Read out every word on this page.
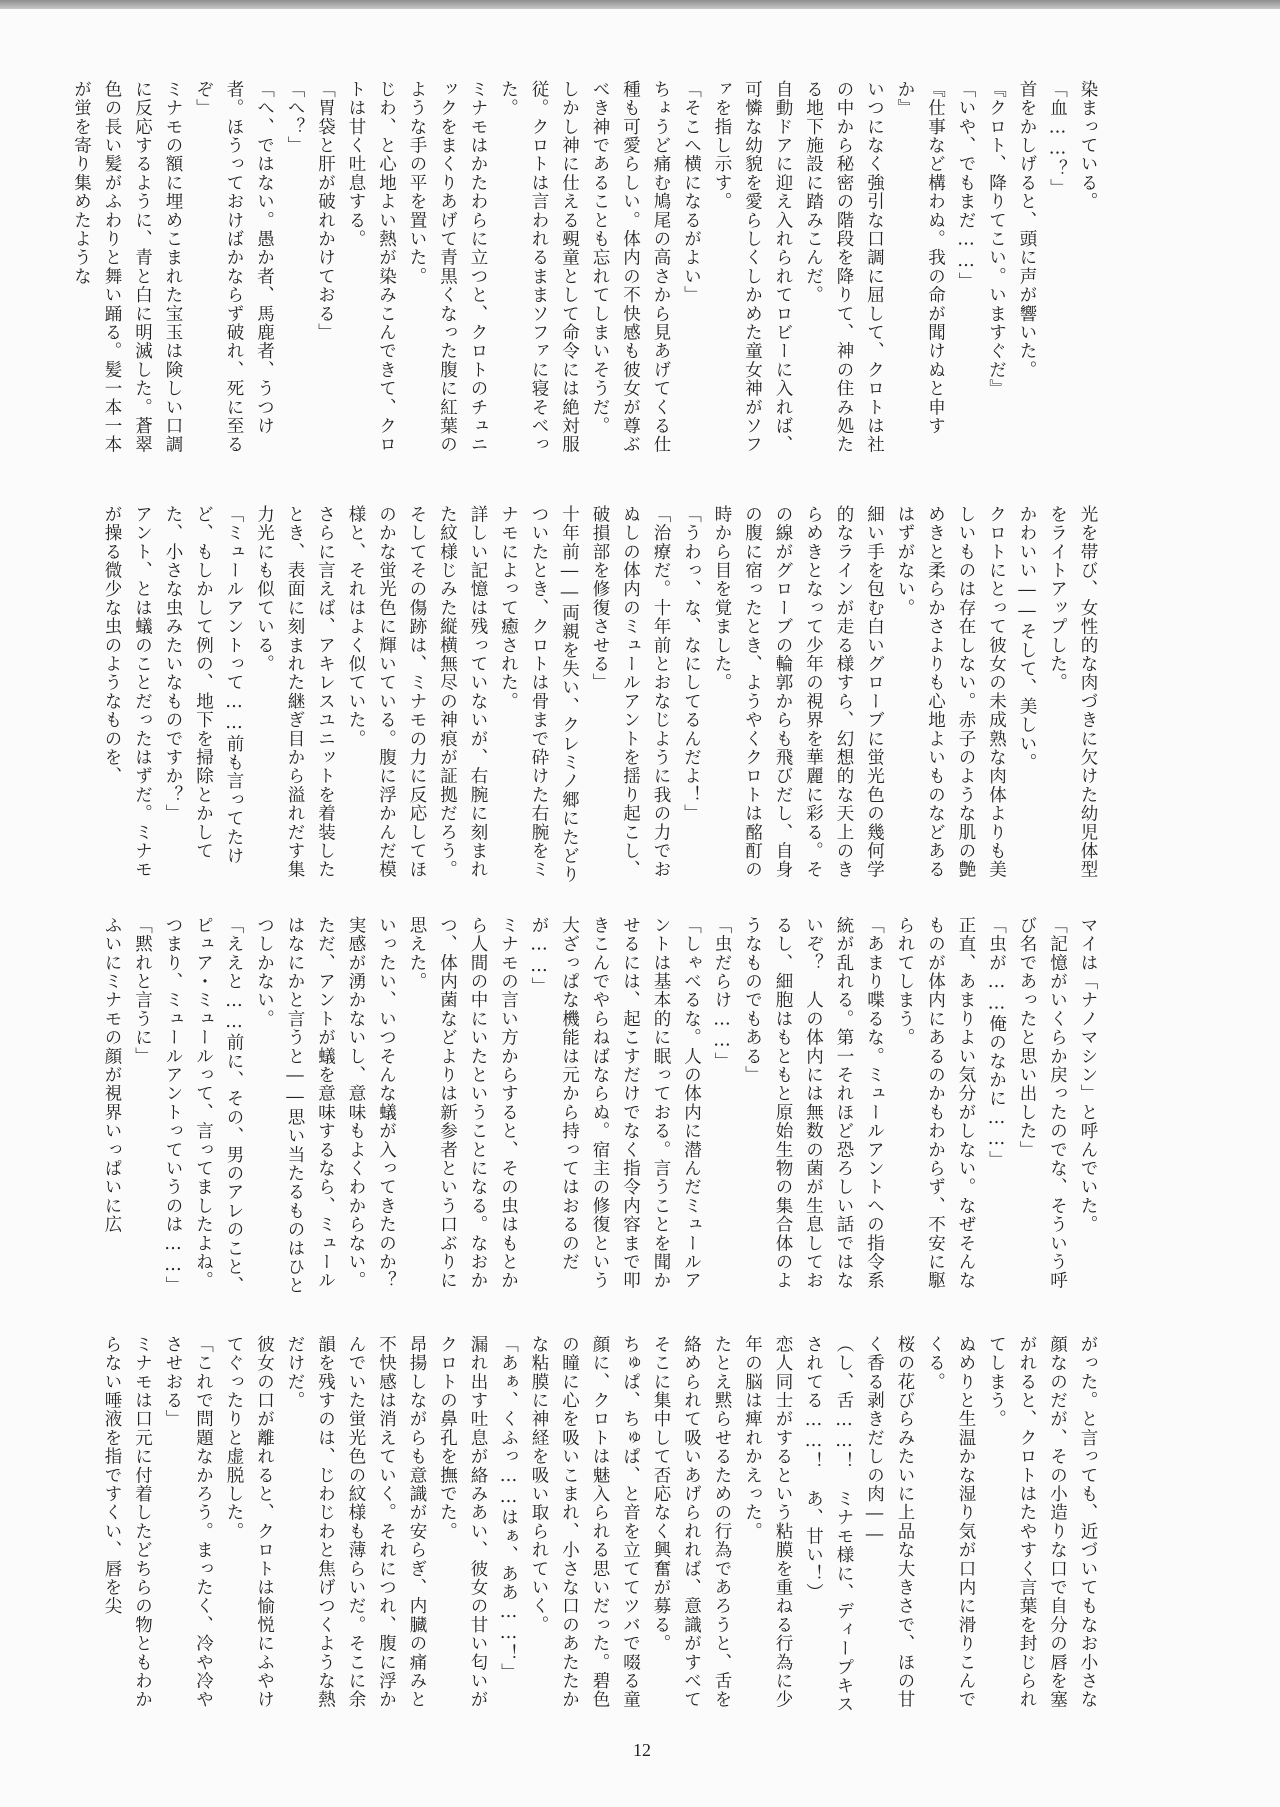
染まっている。

「血……？」

首をかしげると、頭に声が響いた。

『クロト、降りてこい。いますぐだ』

「いや、でもまだ……」

『仕事など構わぬ。我の命が聞けぬと申すか』

いつになく強引な口調に屈して、クロトは社の中から秘密の階段を降りて、神の住み処たる地下施設に踏みこんだ。

自動ドアに迎え入れられてロビーに入れば、可憐な幼貌を愛らしくしかめた童女神がソファを指し示す。

「そこへ横になるがよい」

ちょうど痛む鳩尾の高さから見あげてくる仕種も可愛らしい。体内の不快感も彼女が尊ぶべき神であることも忘れてしまいそうだ。

しかし神に仕える覡童として命令には絶対服従。クロトは言われるままソファに寝そべった。

ミナモはかたわらに立つと、クロトのチュニックをまくりあげて青黒くなった腹に紅葉のような手の平を置いた。

じわ、と心地よい熱が染みこんできて、クロトは甘く吐息する。

「胃袋と肝が破れかけておる」

「へ？」

「へ、ではない。愚か者、馬鹿者、うつけ者。ほうっておけばかならず破れ、死に至るぞ」

ミナモの額に埋めこまれた宝玉は険しい口調に反応するように、青と白に明滅した。蒼翠色の長い髪がふわりと舞い踊る。髪一本一本が蛍を寄り集めたような

光を帯び、女性的な肉づきに欠けた幼児体型をライトアップした。

かわいい――そして、美しい。

クロトにとって彼女の未成熟な肉体よりも美しいものは存在しない。赤子のような肌の艶めきと柔らかさよりも心地よいものなどあるはずがない。

細い手を包む白いグローブに蛍光色の幾何学的なラインが走る様すら、幻想的な天上のきらめきとなって少年の視界を華麗に彩る。その線がグローブの輪郭からも飛びだし、自身の腹に宿ったとき、ようやくクロトは酩酊の時から目を覚ました。

「うわっ、な、なにしてるんだよ！」

「治療だ。十年前とおなじように我の力でおぬしの体内のミュールアントを揺り起こし、破損部を修復させる」

十年前――両親を失い、クレミノ郷にたどりついたとき、クロトは骨まで砕けた右腕をミナモによって癒された。

詳しい記憶は残っていないが、右腕に刻まれた紋様じみた縦横無尽の神痕が証拠だろう。そしてその傷跡は、ミナモの力に反応してほのかな蛍光色に輝いている。腹に浮かんだ模様と、それはよく似ていた。

さらに言えば、アキレスユニットを着装したとき、表面に刻まれた継ぎ目から溢れだす集力光にも似ている。

「ミュールアントって……前も言ってたけど、もしかして例の、地下を掃除とかしてた、小さな虫みたいなものですか？」

アント、とは蟻のことだったはずだ。ミナモが操る微少な虫のようなものを、

マイは「ナノマシン」と呼んでいた。

「記憶がいくらか戻ったのでな、そういう呼び名であったと思い出した」

「虫が……俺のなかに……」

正直、あまりよい気分がしない。なぜそんなものが体内にあるのかもわからず、不安に駆られてしまう。

「あまり喋るな。ミュールアントへの指令系統が乱れる。第一それほど恐ろしい話ではないぞ？　人の体内には無数の菌が生息しておるし、細胞はもともと原始生物の集合体のようなものでもある」

「虫だらけ……」

「しゃべるな。人の体内に潜んだミュールアントは基本的に眠っておる。言うことを聞かせるには、起こすだけでなく指令内容まで叩きこんでやらねばならぬ。宿主の修復という大ざっぱな機能は元から持ってはおるのだが……」

ミナモの言い方からすると、その虫はもとから人間の中にいたということになる。なおかつ、体内菌などよりは新参者という口ぶりに思えた。

いったい、いつそんな蟻が入ってきたのか？　実感が湧かないし、意味もよくわからない。

ただ、アントが蟻を意味するなら、ミュールはなにかと言うと――思い当たるものはひとつしかない。

「ええと……前に、その、男のアレのこと、ピュア・ミュールって、言ってましたよね。つまり、ミュールアントっていうのは……」

「黙れと言うに」

ふいにミナモの顔が視界いっぱいに広

がった。と言っても、近づいてもなお小さな顔なのだが、その小造りな口で自分の唇を塞がれると、クロトはたやすく言葉を封じられてしまう。

ぬめりと生温かな湿り気が口内に滑りこんでくる。

桜の花びらみたいに上品な大きさで、ほの甘く香る剥きだしの肉――

（し、舌……！　ミナモ様に、ディープキスされてる……！　あ、甘い！）

恋人同士がするという粘膜を重ねる行為に少年の脳は痺れかえった。

たとえ黙らせるための行為であろうと、舌を絡められて吸いあげられれば、意識がすべてそこに集中して否応なく興奮が募る。

ちゅぱ、ちゅぱ、と音を立ててツバで啜る童顔に、クロトは魅入られる思いだった。碧色の瞳に心を吸いこまれ、小さな口のあたたかな粘膜に神経を吸い取られていく。

「あぁ、くふっ……はぁ、ああ……！」

漏れ出す吐息が絡みあい、彼女の甘い匂いがクロトの鼻孔を撫でた。

昂揚しながらも意識が安らぎ、内臓の痛みと不快感は消えていく。それにつれ、腹に浮かんでいた蛍光色の紋様も薄らいだ。そこに余韻を残すのは、じわじわと焦げつくような熱だけだ。

彼女の口が離れると、クロトは愉悦にふやけてぐったりと虚脱した。

「これで問題なかろう。まったく、冷や冷やさせおる」

ミナモは口元に付着したどちらの物ともわからない唾液を指ですくい、唇を尖

12
